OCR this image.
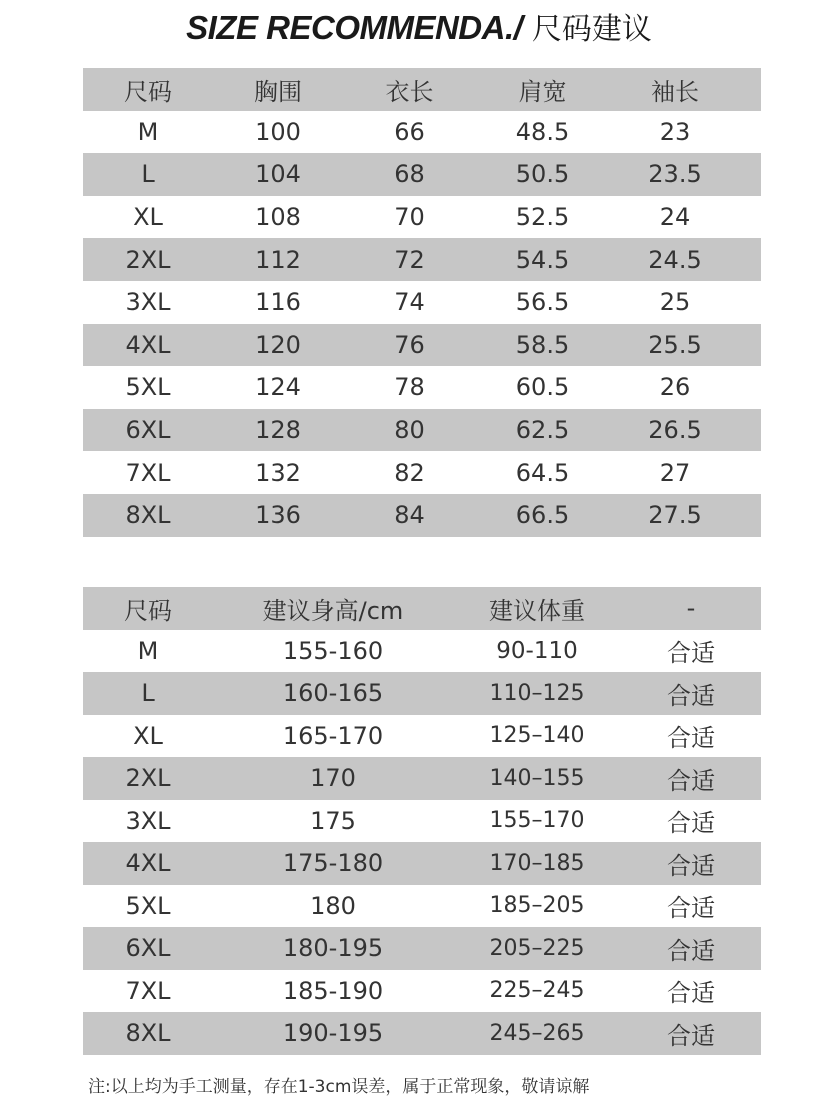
SIZE RECOMMENDA./ 尺码建议
尺码	胸围	衣长	肩宽	袖长
M	100	66	48.5	23
L	104	68	50.5	23.5
XL	108	70	52.5	24
2XL	112	72	54.5	24.5
3XL	116	74	56.5	25
4XL	120	76	58.5	25.5
5XL	124	78	60.5	26
6XL	128	80	62.5	26.5
7XL	132	82	64.5	27
8XL	136	84	66.5	27.5
尺码	建议身高/cm	建议体重	-
M	155-160	90-110	合适
L	160-165	110–125	合适
XL	165-170	125–140	合适
2XL	170	140–155	合适
3XL	175	155–170	合适
4XL	175-180	170–185	合适
5XL	180	185–205	合适
6XL	180-195	205–225	合适
7XL	185-190	225–245	合适
8XL	190-195	245–265	合适
注:以上均为手工测量，存在1-3cm误差，属于正常现象，敬请谅解
